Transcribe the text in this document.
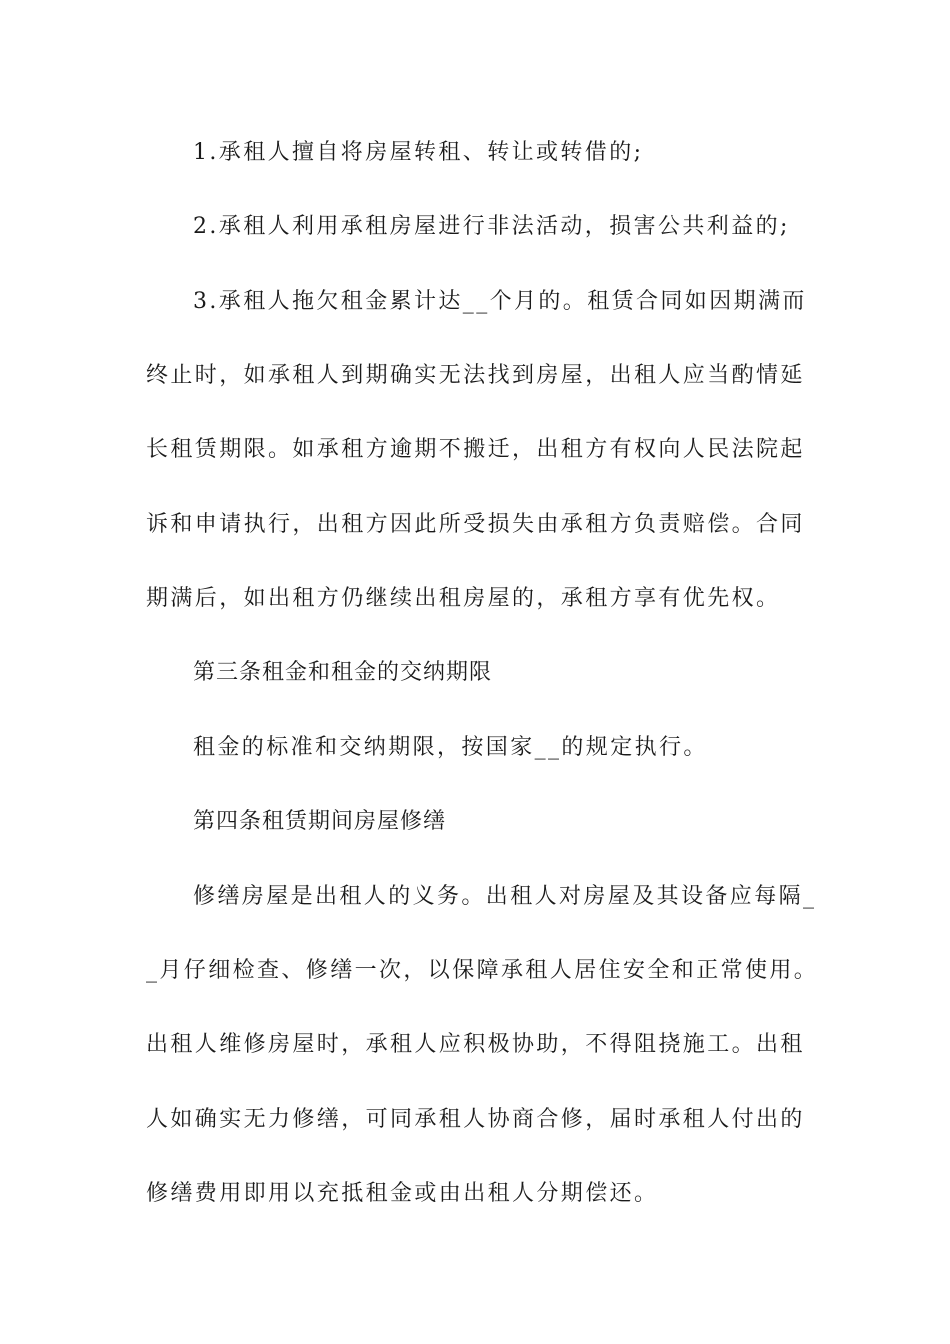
1.承租人擅自将房屋转租、转让或转借的;
2.承租人利用承租房屋进行非法活动，损害公共利益的;
3.承租人拖欠租金累计达__个月的。租赁合同如因期满而
终止时，如承租人到期确实无法找到房屋，出租人应当酌情延
长租赁期限。如承租方逾期不搬迁，出租方有权向人民法院起
诉和申请执行，出租方因此所受损失由承租方负责赔偿。合同
期满后，如出租方仍继续出租房屋的，承租方享有优先权。
第三条租金和租金的交纳期限
租金的标准和交纳期限，按国家__的规定执行。
第四条租赁期间房屋修缮
修缮房屋是出租人的义务。出租人对房屋及其设备应每隔_
_月仔细检查、修缮一次，以保障承租人居住安全和正常使用。
出租人维修房屋时，承租人应积极协助，不得阻挠施工。出租
人如确实无力修缮，可同承租人协商合修，届时承租人付出的
修缮费用即用以充抵租金或由出租人分期偿还。
